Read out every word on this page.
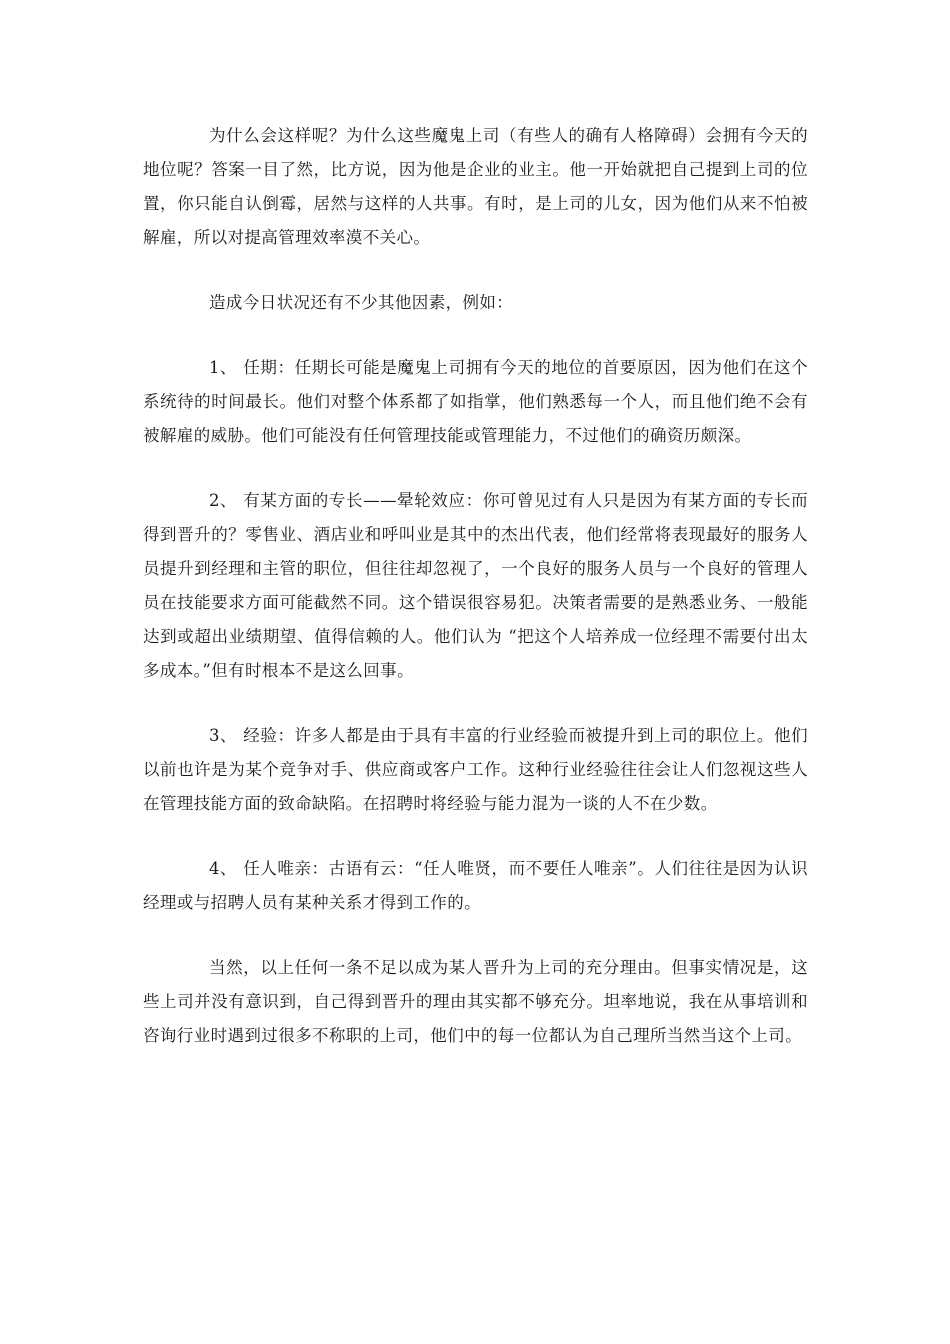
为什么会这样呢？为什么这些魔鬼上司（有些人的确有人格障碍）会拥有今天的地位呢？答案一目了然，比方说，因为他是企业的业主。他一开始就把自己提到上司的位置，你只能自认倒霉，居然与这样的人共事。有时，是上司的儿女，因为他们从来不怕被解雇，所以对提高管理效率漠不关心。

造成今日状况还有不少其他因素，例如：

1、 任期：任期长可能是魔鬼上司拥有今天的地位的首要原因，因为他们在这个系统待的时间最长。他们对整个体系都了如指掌，他们熟悉每一个人，而且他们绝不会有被解雇的威胁。他们可能没有任何管理技能或管理能力，不过他们的确资历颇深。

2、 有某方面的专长——晕轮效应：你可曾见过有人只是因为有某方面的专长而得到晋升的？零售业、酒店业和呼叫业是其中的杰出代表，他们经常将表现最好的服务人员提升到经理和主管的职位，但往往却忽视了，一个良好的服务人员与一个良好的管理人员在技能要求方面可能截然不同。这个错误很容易犯。决策者需要的是熟悉业务、一般能达到或超出业绩期望、值得信赖的人。他们认为 “把这个人培养成一位经理不需要付出太多成本。”但有时根本不是这么回事。

3、 经验：许多人都是由于具有丰富的行业经验而被提升到上司的职位上。他们以前也许是为某个竞争对手、供应商或客户工作。这种行业经验往往会让人们忽视这些人在管理技能方面的致命缺陷。在招聘时将经验与能力混为一谈的人不在少数。

4、 任人唯亲：古语有云：“任人唯贤，而不要任人唯亲”。人们往往是因为认识经理或与招聘人员有某种关系才得到工作的。

当然，以上任何一条不足以成为某人晋升为上司的充分理由。但事实情况是，这些上司并没有意识到，自己得到晋升的理由其实都不够充分。坦率地说，我在从事培训和咨询行业时遇到过很多不称职的上司，他们中的每一位都认为自己理所当然当这个上司。
